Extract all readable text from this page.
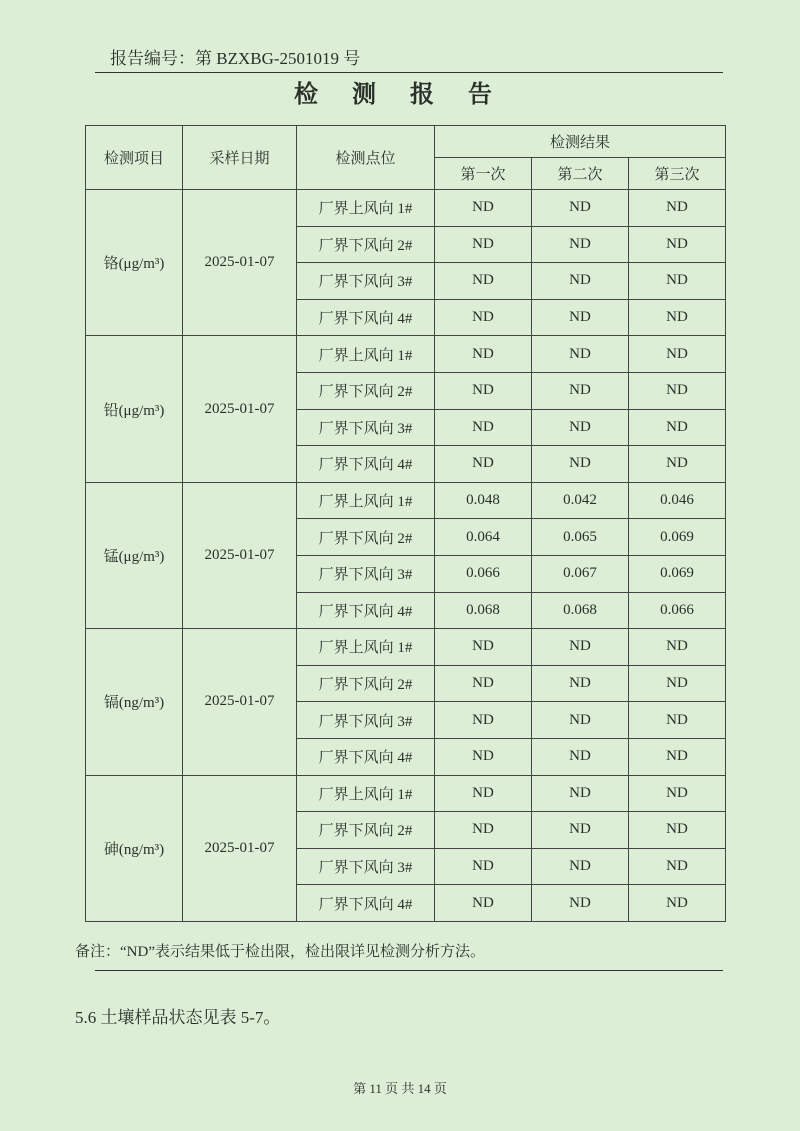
报告编号：第 BZXBG-2501019 号
检 测 报 告
检测项目	采样日期	检测点位	检测结果		
			第一次	第二次	第三次
铬(μg/m³)	2025-01-07	厂界上风向 1#	ND	ND	ND
		厂界下风向 2#	ND	ND	ND
		厂界下风向 3#	ND	ND	ND
		厂界下风向 4#	ND	ND	ND
铅(μg/m³)	2025-01-07	厂界上风向 1#	ND	ND	ND
		厂界下风向 2#	ND	ND	ND
		厂界下风向 3#	ND	ND	ND
		厂界下风向 4#	ND	ND	ND
锰(μg/m³)	2025-01-07	厂界上风向 1#	0.048	0.042	0.046
		厂界下风向 2#	0.064	0.065	0.069
		厂界下风向 3#	0.066	0.067	0.069
		厂界下风向 4#	0.068	0.068	0.066
镉(ng/m³)	2025-01-07	厂界上风向 1#	ND	ND	ND
		厂界下风向 2#	ND	ND	ND
		厂界下风向 3#	ND	ND	ND
		厂界下风向 4#	ND	ND	ND
砷(ng/m³)	2025-01-07	厂界上风向 1#	ND	ND	ND
		厂界下风向 2#	ND	ND	ND
		厂界下风向 3#	ND	ND	ND
		厂界下风向 4#	ND	ND	ND
备注：“ND”表示结果低于检出限，检出限详见检测分析方法。
5.6 土壤样品状态见表 5-7。
第 11 页 共 14 页
